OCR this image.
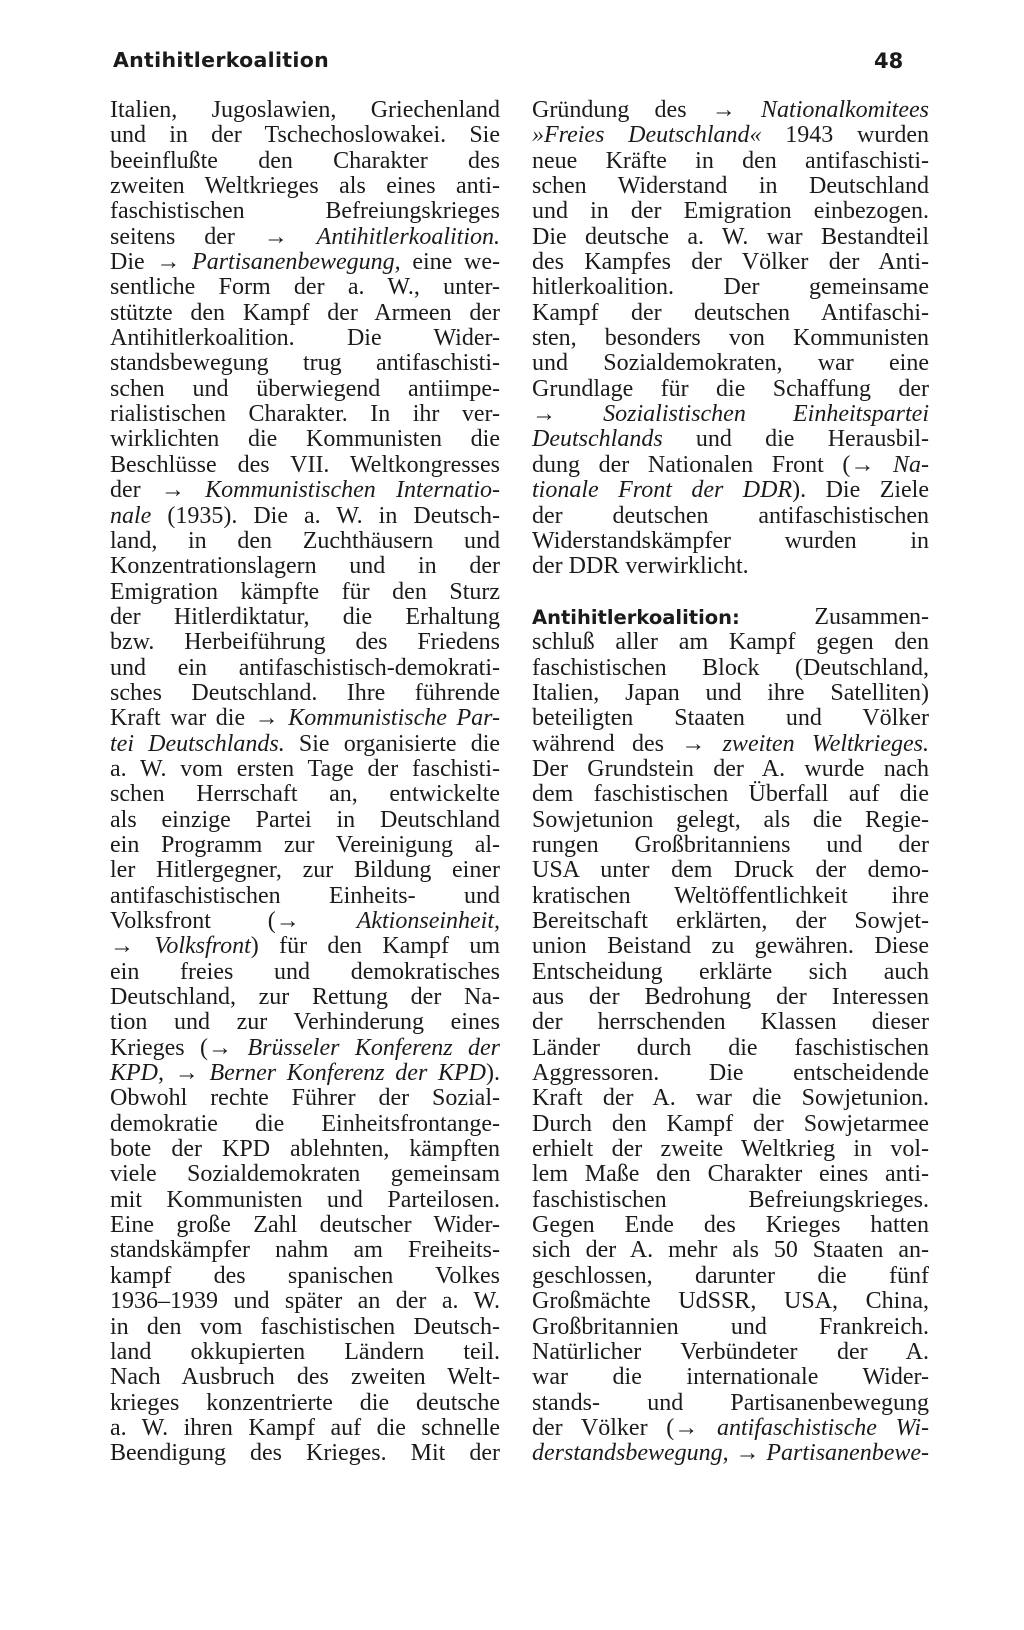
Antihitlerkoalition	48
Italien, Jugoslawien, Griechenland
und in der Tschechoslowakei. Sie
beeinflußte den Charakter des
zweiten Weltkrieges als eines anti-
faschistischen Befreiungskrieges
seitens der → Antihitlerkoalition.
Die → Partisanenbewegung, eine we-
sentliche Form der a. W., unter-
stützte den Kampf der Armeen der
Antihitlerkoalition. Die Wider-
standsbewegung trug antifaschisti-
schen und überwiegend antiimpe-
rialistischen Charakter. In ihr ver-
wirklichten die Kommunisten die
Beschlüsse des VII. Weltkongresses
der → Kommunistischen Internatio-
nale (1935). Die a. W. in Deutsch-
land, in den Zuchthäusern und
Konzentrationslagern und in der
Emigration kämpfte für den Sturz
der Hitlerdiktatur, die Erhaltung
bzw. Herbeiführung des Friedens
und ein antifaschistisch-demokrati-
sches Deutschland. Ihre führende
Kraft war die → Kommunistische Par-
tei Deutschlands. Sie organisierte die
a. W. vom ersten Tage der faschisti-
schen Herrschaft an, entwickelte
als einzige Partei in Deutschland
ein Programm zur Vereinigung al-
ler Hitlergegner, zur Bildung einer
antifaschistischen Einheits- und
Volksfront (→ Aktionseinheit,
→ Volksfront) für den Kampf um
ein freies und demokratisches
Deutschland, zur Rettung der Na-
tion und zur Verhinderung eines
Krieges (→ Brüsseler Konferenz der
KPD, → Berner Konferenz der KPD).
Obwohl rechte Führer der Sozial-
demokratie die Einheitsfrontange-
bote der KPD ablehnten, kämpften
viele Sozialdemokraten gemeinsam
mit Kommunisten und Parteilosen.
Eine große Zahl deutscher Wider-
standskämpfer nahm am Freiheits-
kampf des spanischen Volkes
1936–1939 und später an der a. W.
in den vom faschistischen Deutsch-
land okkupierten Ländern teil.
Nach Ausbruch des zweiten Welt-
krieges konzentrierte die deutsche
a. W. ihren Kampf auf die schnelle
Beendigung des Krieges. Mit der
Gründung des → Nationalkomitees
»Freies Deutschland« 1943 wurden
neue Kräfte in den antifaschisti-
schen Widerstand in Deutschland
und in der Emigration einbezogen.
Die deutsche a. W. war Bestandteil
des Kampfes der Völker der Anti-
hitlerkoalition. Der gemeinsame
Kampf der deutschen Antifaschi-
sten, besonders von Kommunisten
und Sozialdemokraten, war eine
Grundlage für die Schaffung der
→ Sozialistischen Einheitspartei
Deutschlands und die Herausbil-
dung der Nationalen Front (→ Na-
tionale Front der DDR). Die Ziele
der deutschen antifaschistischen
Widerstandskämpfer wurden in
der DDR verwirklicht.
Antihitlerkoalition: Zusammen-
schluß aller am Kampf gegen den
faschistischen Block (Deutschland,
Italien, Japan und ihre Satelliten)
beteiligten Staaten und Völker
während des → zweiten Weltkrieges.
Der Grundstein der A. wurde nach
dem faschistischen Überfall auf die
Sowjetunion gelegt, als die Regie-
rungen Großbritanniens und der
USA unter dem Druck der demo-
kratischen Weltöffentlichkeit ihre
Bereitschaft erklärten, der Sowjet-
union Beistand zu gewähren. Diese
Entscheidung erklärte sich auch
aus der Bedrohung der Interessen
der herrschenden Klassen dieser
Länder durch die faschistischen
Aggressoren. Die entscheidende
Kraft der A. war die Sowjetunion.
Durch den Kampf der Sowjetarmee
erhielt der zweite Weltkrieg in vol-
lem Maße den Charakter eines anti-
faschistischen Befreiungskrieges.
Gegen Ende des Krieges hatten
sich der A. mehr als 50 Staaten an-
geschlossen, darunter die fünf
Großmächte UdSSR, USA, China,
Großbritannien und Frankreich.
Natürlicher Verbündeter der A.
war die internationale Wider-
stands- und Partisanenbewegung
der Völker (→ antifaschistische Wi-
derstandsbewegung, → Partisanenbewe-
